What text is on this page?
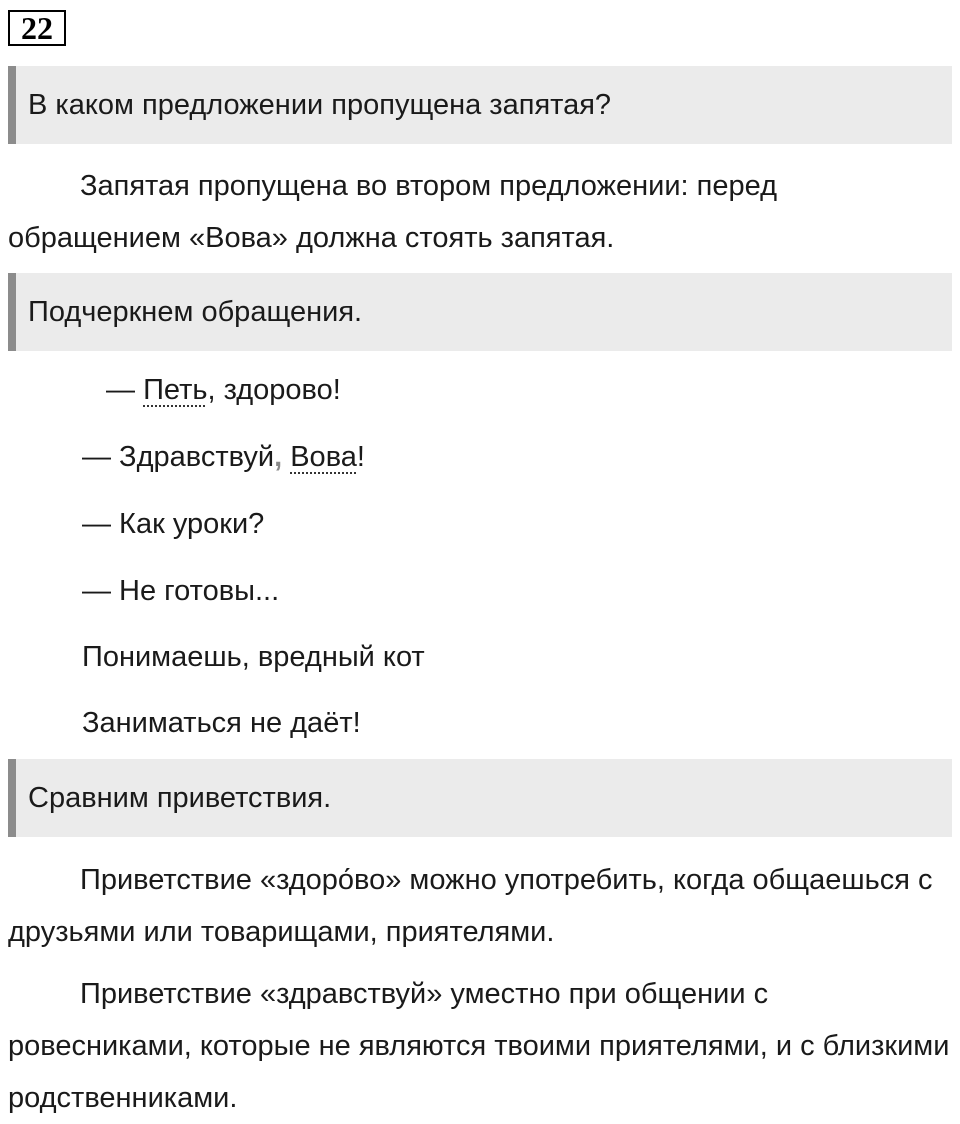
22
В каком предложении пропущена запятая?

Запятая пропущена во втором предложении: перед обращением «Вова» должна стоять запятая.

Подчеркнем обращения.
— Петь, здорово!
— Здравствуй, Вова!
— Как уроки?
— Не готовы...
Понимаешь, вредный кот
Заниматься не даёт!
Сравним приветствия.

Приветствие «здоро́во» можно употребить, когда общаешься с друзьями или товарищами, приятелями.

Приветствие «здравствуй» уместно при общении с ровесниками, которые не являются твоими приятелями, и с близкими родственниками.
